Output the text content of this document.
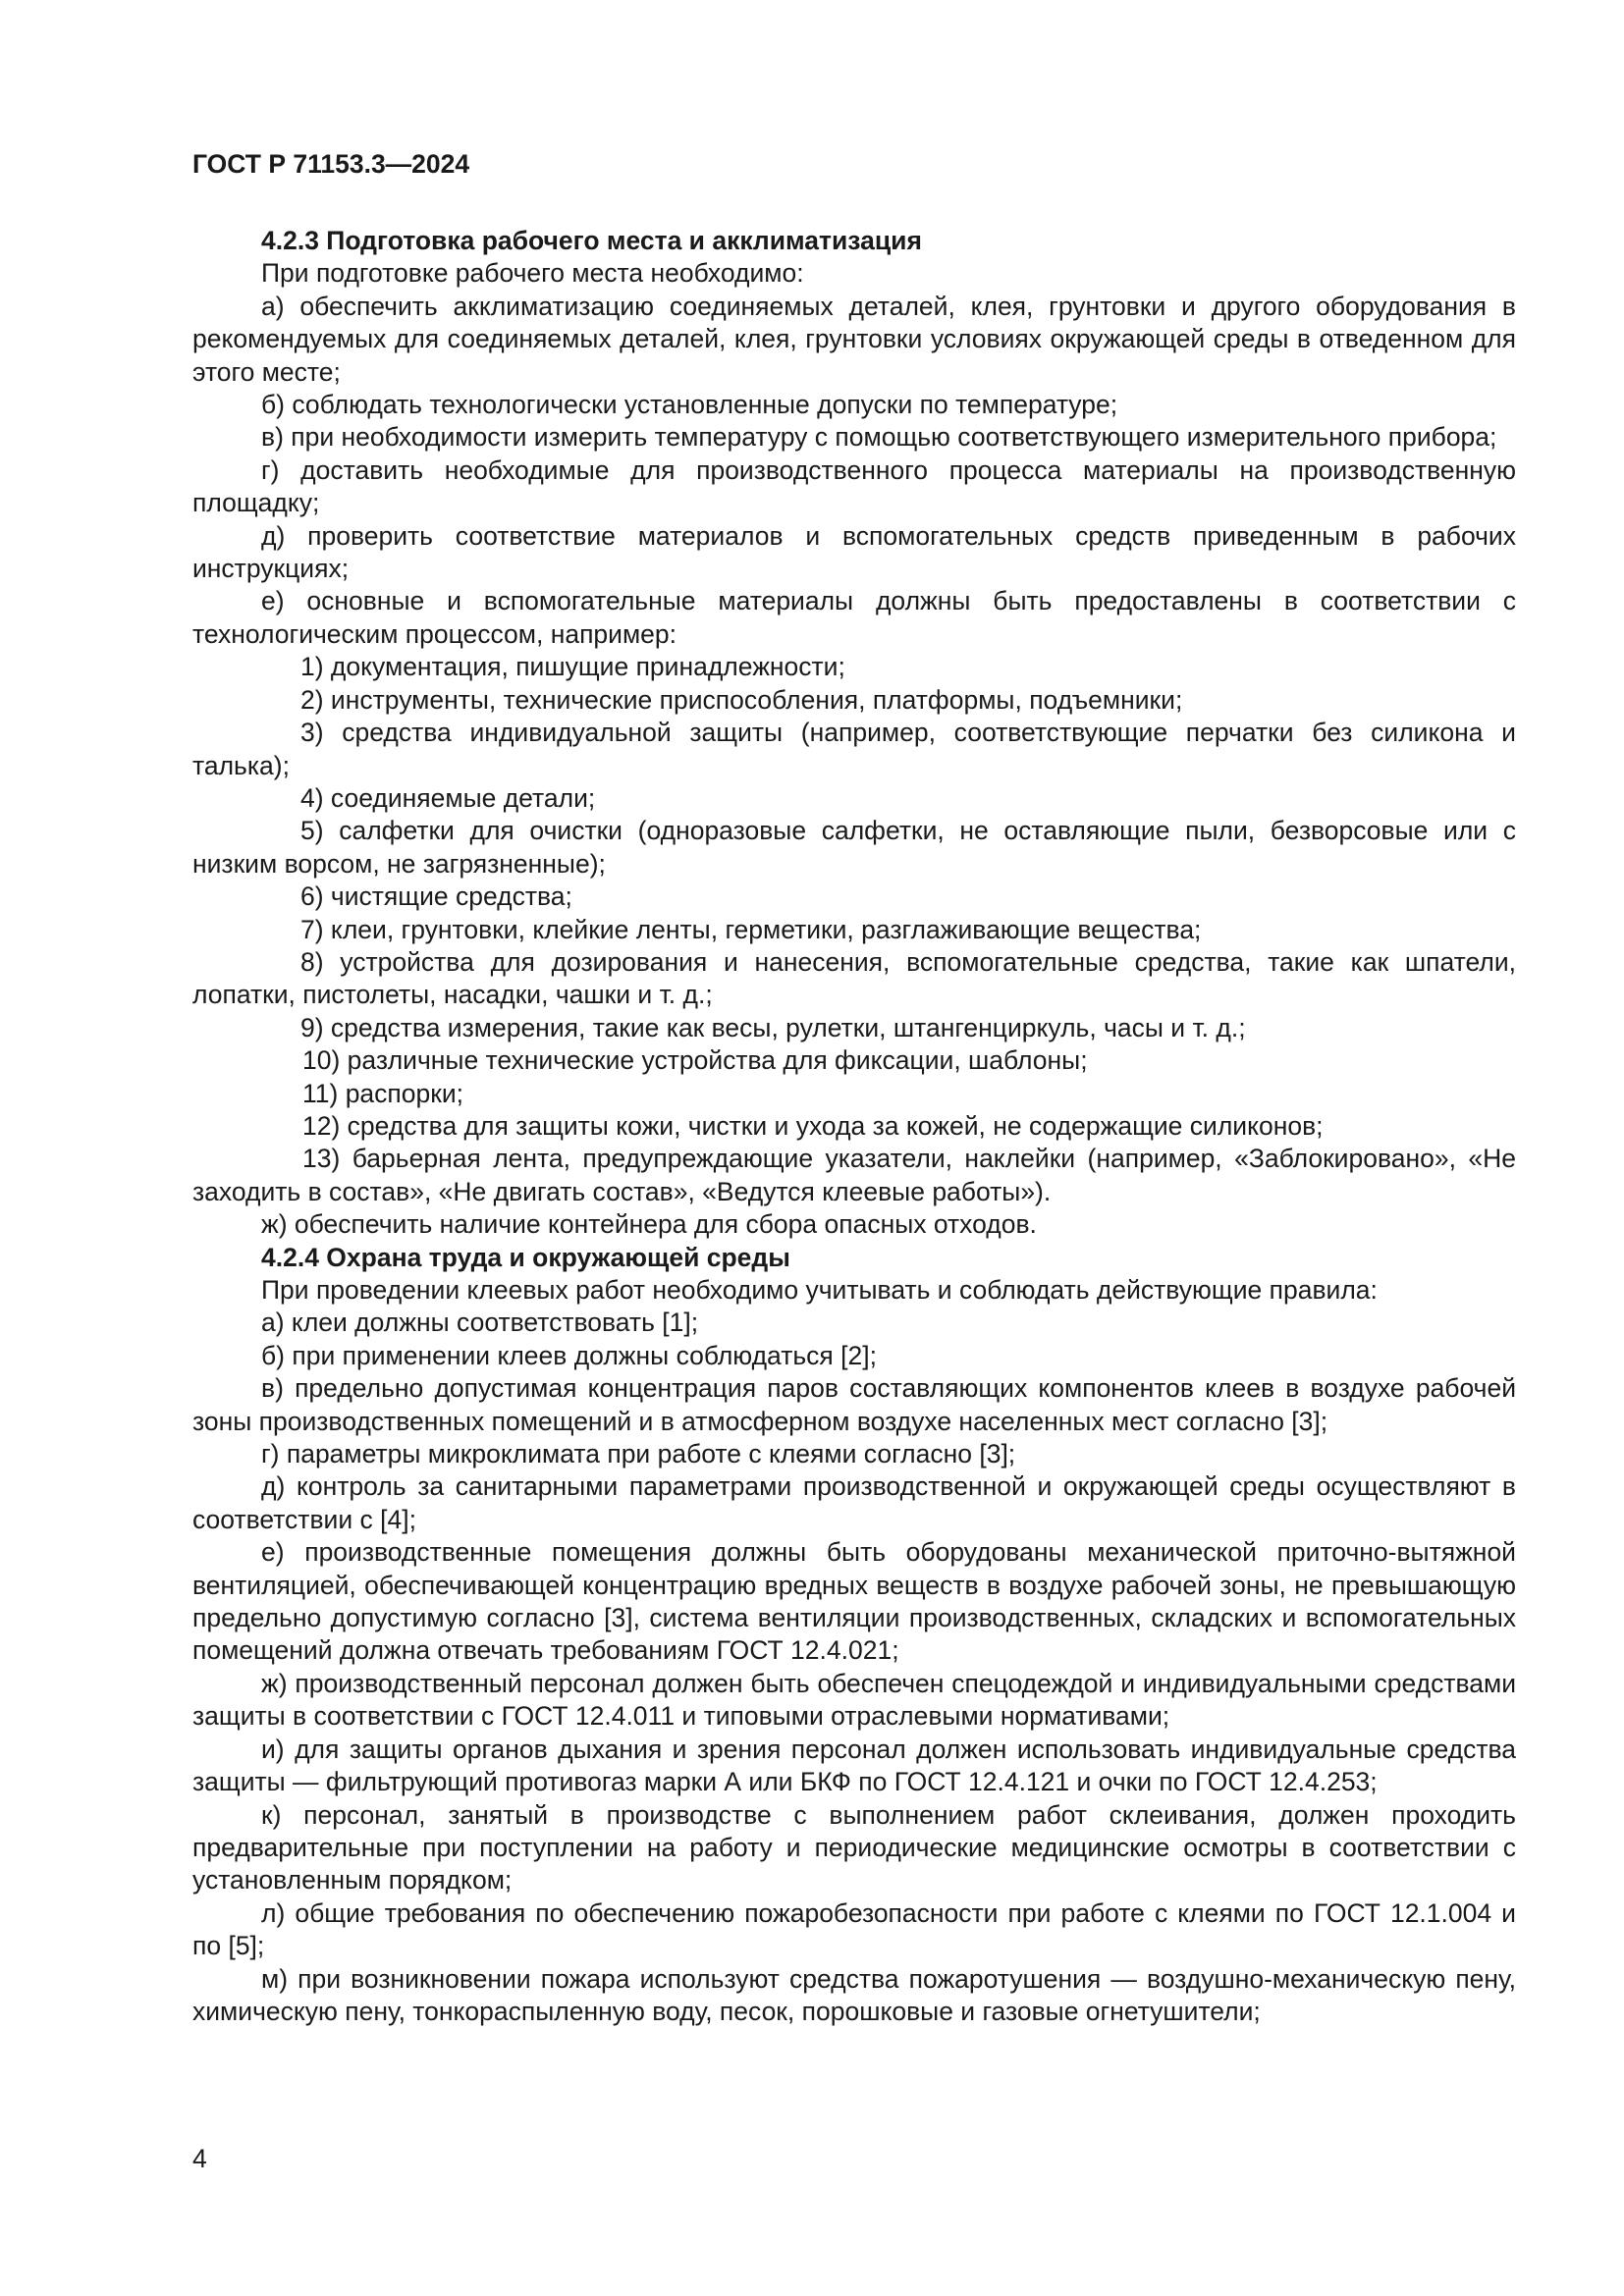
ГОСТ Р 71153.3—2024

4.2.3 Подготовка рабочего места и акклиматизация

При подготовке рабочего места необходимо:

а) обеспечить акклиматизацию соединяемых деталей, клея, грунтовки и другого оборудования в рекомендуемых для соединяемых деталей, клея, грунтовки условиях окружающей среды в отведенном для этого месте;

б) соблюдать технологически установленные допуски по температуре;

в) при необходимости измерить температуру с помощью соответствующего измерительного прибора;

г) доставить необходимые для производственного процесса материалы на производственную площадку;

д) проверить соответствие материалов и вспомогательных средств приведенным в рабочих инструкциях;

е) основные и вспомогательные материалы должны быть предоставлены в соответствии с технологическим процессом, например:

1) документация, пишущие принадлежности;

2) инструменты, технические приспособления, платформы, подъемники;

3) средства индивидуальной защиты (например, соответствующие перчатки без силикона и талька);

4) соединяемые детали;

5) салфетки для очистки (одноразовые салфетки, не оставляющие пыли, безворсовые или с низким ворсом, не загрязненные);

6) чистящие средства;

7) клеи, грунтовки, клейкие ленты, герметики, разглаживающие вещества;

8) устройства для дозирования и нанесения, вспомогательные средства, такие как шпатели, лопатки, пистолеты, насадки, чашки и т. д.;

9) средства измерения, такие как весы, рулетки, штангенциркуль, часы и т. д.;

10) различные технические устройства для фиксации, шаблоны;

11) распорки;

12) средства для защиты кожи, чистки и ухода за кожей, не содержащие силиконов;

13) барьерная лента, предупреждающие указатели, наклейки (например, «Заблокировано», «Не заходить в состав», «Не двигать состав», «Ведутся клеевые работы»).

ж) обеспечить наличие контейнера для сбора опасных отходов.

4.2.4 Охрана труда и окружающей среды

При проведении клеевых работ необходимо учитывать и соблюдать действующие правила:

а) клеи должны соответствовать [1];

б) при применении клеев должны соблюдаться [2];

в) предельно допустимая концентрация паров составляющих компонентов клеев в воздухе рабочей зоны производственных помещений и в атмосферном воздухе населенных мест согласно [3];

г) параметры микроклимата при работе с клеями согласно [3];

д) контроль за санитарными параметрами производственной и окружающей среды осуществляют в соответствии с [4];

е) производственные помещения должны быть оборудованы механической приточно-вытяжной вентиляцией, обеспечивающей концентрацию вредных веществ в воздухе рабочей зоны, не превышающую предельно допустимую согласно [3], система вентиляции производственных, складских и вспомогательных помещений должна отвечать требованиям ГОСТ 12.4.021;

ж) производственный персонал должен быть обеспечен спецодеждой и индивидуальными средствами защиты в соответствии с ГОСТ 12.4.011 и типовыми отраслевыми нормативами;

и) для защиты органов дыхания и зрения персонал должен использовать индивидуальные средства защиты — фильтрующий противогаз марки А или БКФ по ГОСТ 12.4.121 и очки по ГОСТ 12.4.253;

к) персонал, занятый в производстве с выполнением работ склеивания, должен проходить предварительные при поступлении на работу и периодические медицинские осмотры в соответствии с установленным порядком;

л) общие требования по обеспечению пожаробезопасности при работе с клеями по ГОСТ 12.1.004 и по [5];

м) при возникновении пожара используют средства пожаротушения — воздушно-механическую пену, химическую пену, тонкораспыленную воду, песок, порошковые и газовые огнетушители;

4
